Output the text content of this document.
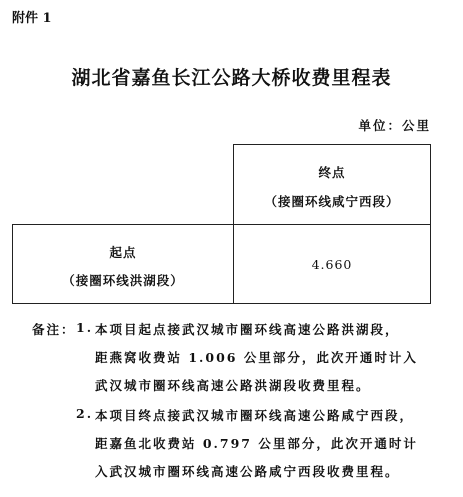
附件 1
湖北省嘉鱼长江公路大桥收费里程表
单位：公里
终点
（接圈环线咸宁西段）
起点
（接圈环线洪湖段）
4.660
备注： 1. 本项目起点接武汉城市圈环线高速公路洪湖段，
距燕窝收费站 1.006 公里部分，此次开通时计入
武汉城市圈环线高速公路洪湖段收费里程。
2. 本项目终点接武汉城市圈环线高速公路咸宁西段，
距嘉鱼北收费站 0.797 公里部分，此次开通时计
入武汉城市圈环线高速公路咸宁西段收费里程。
